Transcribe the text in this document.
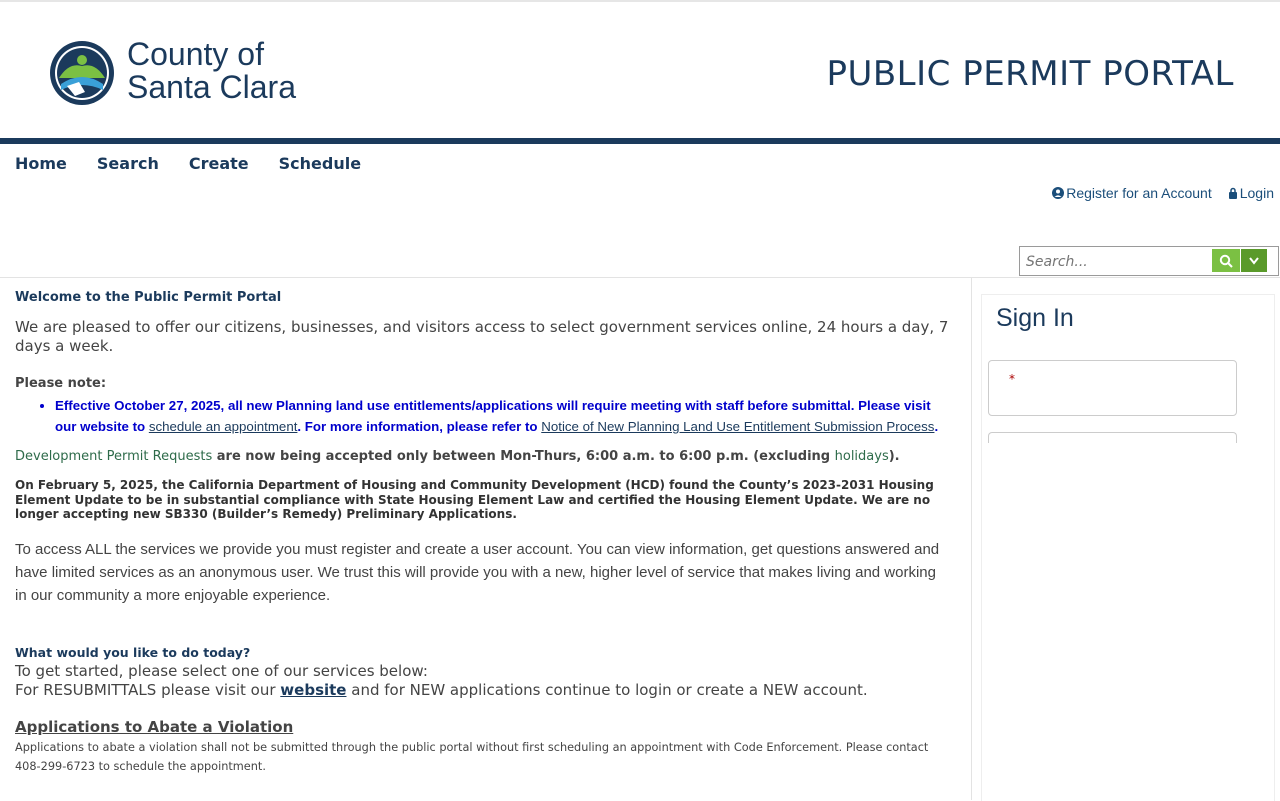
County of
Santa Clara	PUBLIC PERMIT PORTAL
Home Search Create Schedule
Register for an Account Login
Search...

Welcome to the Public Permit Portal

We are pleased to offer our citizens, businesses, and visitors access to select government services online, 24 hours a day, 7 days a week.

Please note:

• Effective October 27, 2025, all new Planning land use entitlements/applications will require meeting with staff before submittal. Please visit our website to schedule an appointment. For more information, please refer to Notice of New Planning Land Use Entitlement Submission Process.

Development Permit Requests are now being accepted only between Mon-Thurs, 6:00 a.m. to 6:00 p.m. (excluding holidays).

On February 5, 2025, the California Department of Housing and Community Development (HCD) found the County’s 2023-2031 Housing Element Update to be in substantial compliance with State Housing Element Law and certified the Housing Element Update. We are no longer accepting new SB330 (Builder’s Remedy) Preliminary Applications.

To access ALL the services we provide you must register and create a user account. You can view information, get questions answered and have limited services as an anonymous user. We trust this will provide you with a new, higher level of service that makes living and working in our community a more enjoyable experience.

What would you like to do today?

To get started, please select one of our services below:
For RESUBMITTALS please visit our website and for NEW applications continue to login or create a NEW account.

Applications to Abate a Violation

Applications to abate a violation shall not be submitted through the public portal without first scheduling an appointment with Code Enforcement. Please contact 408-299-6723 to schedule the appointment.

Sign In
*
